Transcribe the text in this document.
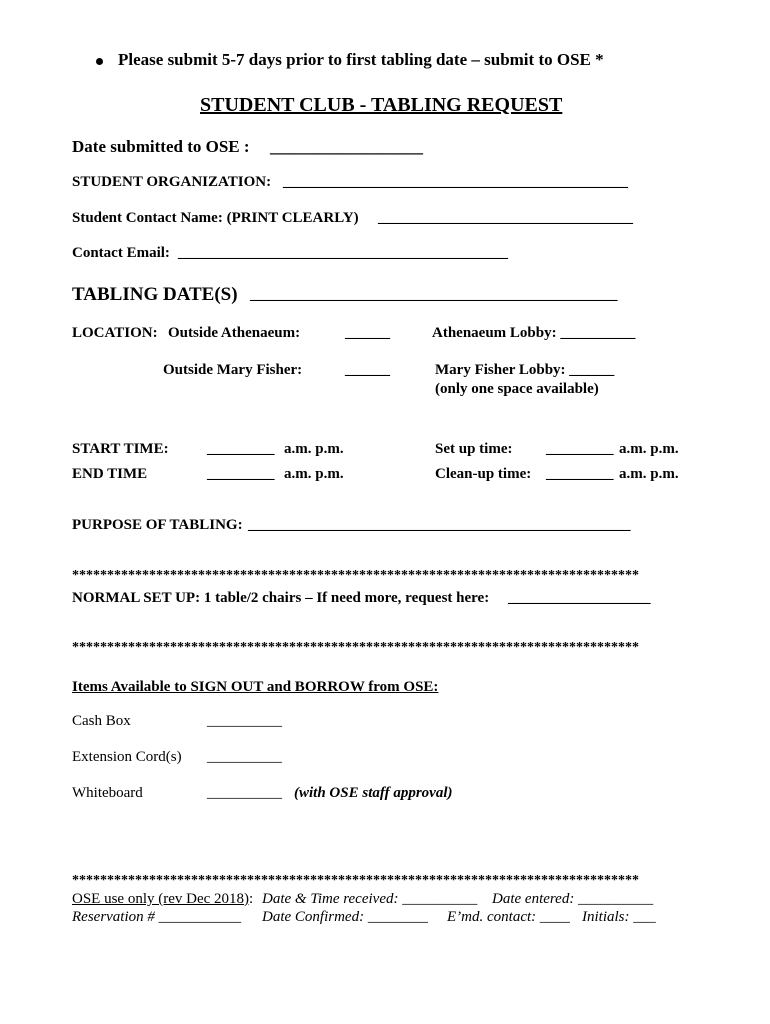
Please submit 5-7 days prior to first tabling date – submit to OSE *
STUDENT CLUB - TABLING REQUEST
Date submitted to OSE : __________________
STUDENT ORGANIZATION: ______________________________________________
Student Contact Name: (PRINT CLEARLY) __________________________________
Contact Email: ____________________________________________
TABLING DATE(S) _________________________________________________
LOCATION: Outside Athenaeum:	______	Athenaeum Lobby: __________
Outside Mary Fisher:	______	Mary Fisher Lobby: ______
(only one space available)
START TIME:	_________ a.m. p.m.	Set up time: _________ a.m. p.m.
END TIME	_________ a.m. p.m.	Clean-up time: _________ a.m. p.m.
PURPOSE OF TABLING: ___________________________________________________
*********************************************************************************
NORMAL SET UP: 1 table/2 chairs – If need more, request here: ___________________
*********************************************************************************
Items Available to SIGN OUT and BORROW from OSE:
Cash Box	__________
Extension Cord(s) __________
Whiteboard	__________ (with OSE staff approval)
*********************************************************************************
OSE use only (rev Dec 2018): Date & Time received: __________ Date entered: __________
Reservation # ___________ Date Confirmed: ________ E’md. contact: ____ Initials: ___
